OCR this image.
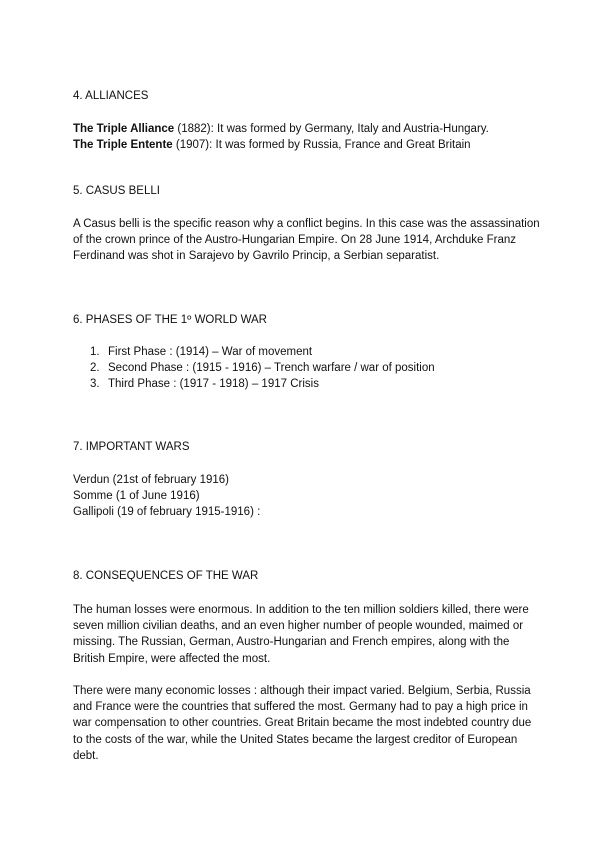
4. ALLIANCES

The Triple Alliance (1882): It was formed by Germany, Italy and Austria-Hungary.

The Triple Entente (1907): It was formed by Russia, France and Great Britain

5. CASUS BELLI

A Casus belli is the specific reason why a conflict begins. In this case was the assassination of the crown prince of the Austro-Hungarian Empire. On 28 June 1914, Archduke Franz Ferdinand was shot in Sarajevo by Gavrilo Princip, a Serbian separatist.

6. PHASES OF THE 1º WORLD WAR
1. First Phase : (1914) – War of movement
2. Second Phase : (1915 - 1916) – Trench warfare / war of position
3. Third Phase : (1917 - 1918) – 1917 Crisis
7. IMPORTANT WARS
Verdun (21st of february 1916)
Somme (1 of June 1916)
Gallipoli (19 of february 1915-1916) :
8. CONSEQUENCES OF THE WAR

The human losses were enormous. In addition to the ten million soldiers killed, there were seven million civilian deaths, and an even higher number of people wounded, maimed or missing. The Russian, German, Austro-Hungarian and French empires, along with the British Empire, were affected the most.

There were many economic losses : although their impact varied. Belgium, Serbia, Russia and France were the countries that suffered the most. Germany had to pay a high price in war compensation to other countries. Great Britain became the most indebted country due to the costs of the war, while the United States became the largest creditor of European debt.
